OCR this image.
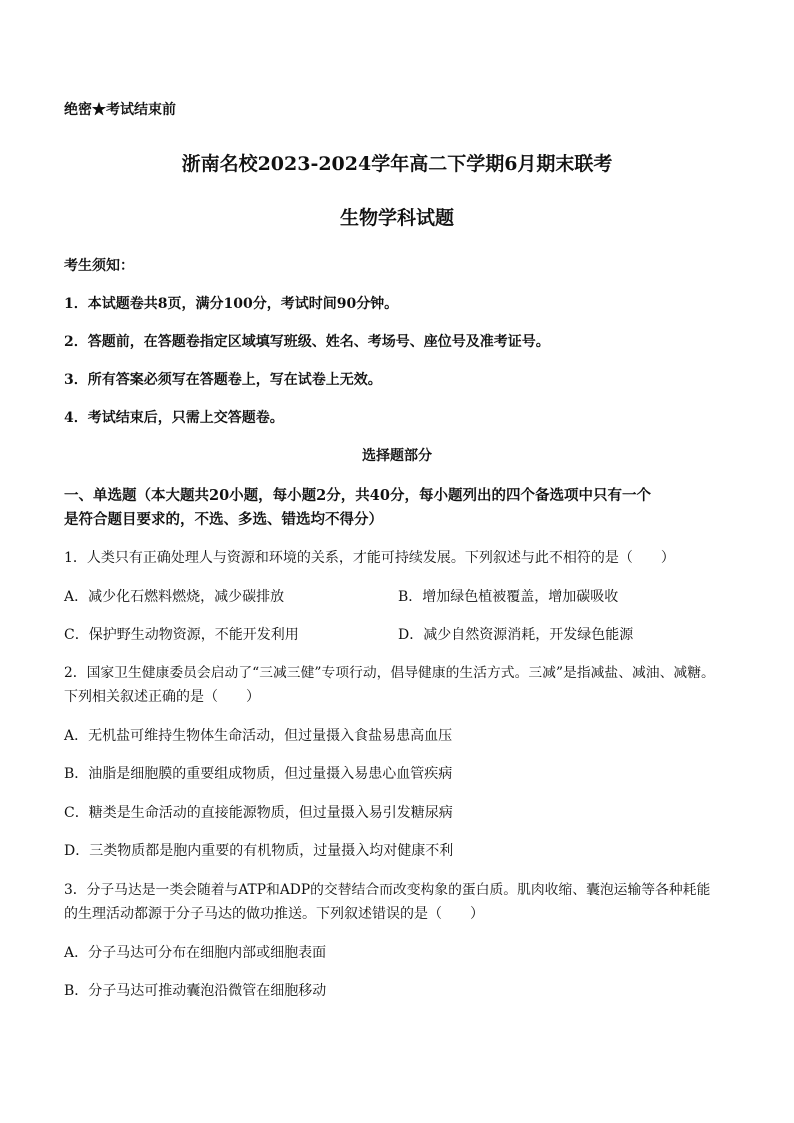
绝密★考试结束前
浙南名校2023-2024学年高二下学期6月期末联考
生物学科试题
考生须知：
1．本试题卷共8页，满分100分，考试时间90分钟。
2．答题前，在答题卷指定区域填写班级、姓名、考场号、座位号及准考证号。
3．所有答案必须写在答题卷上，写在试卷上无效。
4．考试结束后，只需上交答题卷。
选择题部分
一、单选题（本大题共20小题，每小题2分，共40分，每小题列出的四个备选项中只有一个
是符合题目要求的，不选、多选、错选均不得分）
1．人类只有正确处理人与资源和环境的关系，才能可持续发展。下列叙述与此不相符的是（　　）
A．减少化石燃料燃烧，减少碳排放	B．增加绿色植被覆盖，增加碳吸收
C．保护野生动物资源，不能开发利用	D．减少自然资源消耗，开发绿色能源
2．国家卫生健康委员会启动了“三减三健”专项行动，倡导健康的生活方式。三减”是指减盐、减油、减糖。
下列相关叙述正确的是（　　）
A．无机盐可维持生物体生命活动，但过量摄入食盐易患高血压
B．油脂是细胞膜的重要组成物质，但过量摄入易患心血管疾病
C．糖类是生命活动的直接能源物质，但过量摄入易引发糖尿病
D．三类物质都是胞内重要的有机物质，过量摄入均对健康不利
3．分子马达是一类会随着与ATP和ADP的交替结合而改变构象的蛋白质。肌肉收缩、囊泡运输等各种耗能
的生理活动都源于分子马达的做功推送。下列叙述错误的是（　　）
A．分子马达可分布在细胞内部或细胞表面
B．分子马达可推动囊泡沿微管在细胞移动
